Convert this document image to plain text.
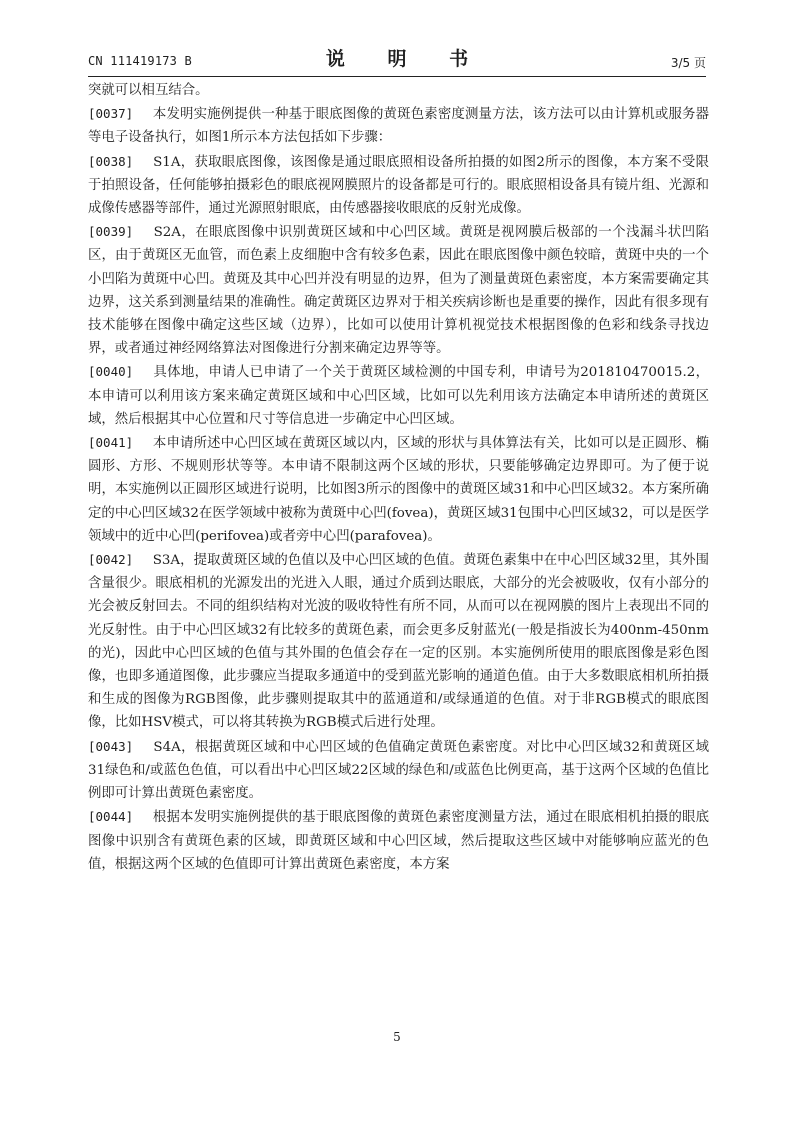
CN 111419173 B	说 明 书	3/5 页

突就可以相互结合。

[0037]　 本发明实施例提供一种基于眼底图像的黄斑色素密度测量方法，该方法可以由计算机或服务器等电子设备执行，如图1所示本方法包括如下步骤：

[0038]　 S1A，获取眼底图像，该图像是通过眼底照相设备所拍摄的如图2所示的图像，本方案不受限于拍照设备，任何能够拍摄彩色的眼底视网膜照片的设备都是可行的。眼底照相设备具有镜片组、光源和成像传感器等部件，通过光源照射眼底，由传感器接收眼底的反射光成像。

[0039]　 S2A，在眼底图像中识别黄斑区域和中心凹区域。黄斑是视网膜后极部的一个浅漏斗状凹陷区，由于黄斑区无血管，而色素上皮细胞中含有较多色素，因此在眼底图像中颜色较暗，黄斑中央的一个小凹陷为黄斑中心凹。黄斑及其中心凹并没有明显的边界，但为了测量黄斑色素密度，本方案需要确定其边界，这关系到测量结果的准确性。确定黄斑区边界对于相关疾病诊断也是重要的操作，因此有很多现有技术能够在图像中确定这些区域（边界），比如可以使用计算机视觉技术根据图像的色彩和线条寻找边界，或者通过神经网络算法对图像进行分割来确定边界等等。

[0040]　 具体地，申请人已申请了一个关于黄斑区域检测的中国专利，申请号为201810470015.2，本申请可以利用该方案来确定黄斑区域和中心凹区域，比如可以先利用该方法确定本申请所述的黄斑区域，然后根据其中心位置和尺寸等信息进一步确定中心凹区域。

[0041]　 本申请所述中心凹区域在黄斑区域以内，区域的形状与具体算法有关，比如可以是正圆形、椭圆形、方形、不规则形状等等。本申请不限制这两个区域的形状，只要能够确定边界即可。为了便于说明，本实施例以正圆形区域进行说明，比如图3所示的图像中的黄斑区域31和中心凹区域32。本方案所确定的中心凹区域32在医学领域中被称为黄斑中心凹(fovea)，黄斑区域31包围中心凹区域32，可以是医学领域中的近中心凹(perifovea)或者旁中心凹(parafovea)。

[0042]　 S3A，提取黄斑区域的色值以及中心凹区域的色值。黄斑色素集中在中心凹区域32里，其外围含量很少。眼底相机的光源发出的光进入人眼，通过介质到达眼底，大部分的光会被吸收，仅有小部分的光会被反射回去。不同的组织结构对光波的吸收特性有所不同，从而可以在视网膜的图片上表现出不同的光反射性。由于中心凹区域32有比较多的黄斑色素，而会更多反射蓝光(一般是指波长为400nm-450nm的光)，因此中心凹区域的色值与其外围的色值会存在一定的区别。本实施例所使用的眼底图像是彩色图像，也即多通道图像，此步骤应当提取多通道中的受到蓝光影响的通道色值。由于大多数眼底相机所拍摄和生成的图像为RGB图像，此步骤则提取其中的蓝通道和/或绿通道的色值。对于非RGB模式的眼底图像，比如HSV模式，可以将其转换为RGB模式后进行处理。

[0043]　 S4A，根据黄斑区域和中心凹区域的色值确定黄斑色素密度。对比中心凹区域32和黄斑区域31绿色和/或蓝色色值，可以看出中心凹区域22区域的绿色和/或蓝色比例更高，基于这两个区域的色值比例即可计算出黄斑色素密度。

[0044]　 根据本发明实施例提供的基于眼底图像的黄斑色素密度测量方法，通过在眼底相机拍摄的眼底图像中识别含有黄斑色素的区域，即黄斑区域和中心凹区域，然后提取这些区域中对能够响应蓝光的色值，根据这两个区域的色值即可计算出黄斑色素密度，本方案

5
